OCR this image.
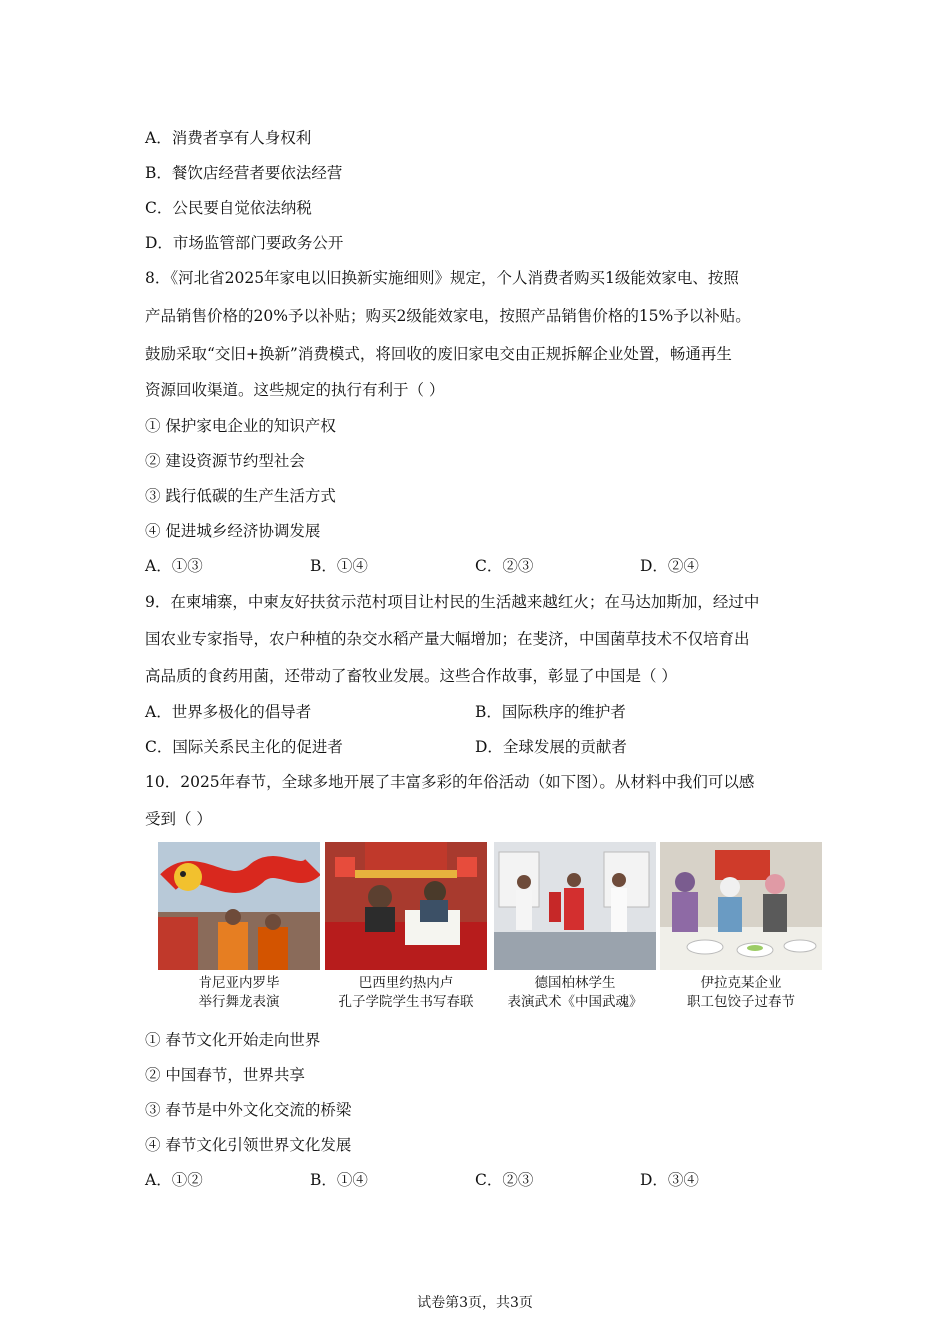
A．消费者享有人身权利
B．餐饮店经营者要依法经营
C．公民要自觉依法纳税
D．市场监管部门要政务公开
8．《河北省2025年家电以旧换新实施细则》规定，个人消费者购买1级能效家电、按照
产品销售价格的20%予以补贴；购买2级能效家电，按照产品销售价格的15%予以补贴。
鼓励采取“交旧+换新”消费模式，将回收的废旧家电交由正规拆解企业处置，畅通再生
资源回收渠道。这些规定的执行有利于（ ）
① 保护家电企业的知识产权
② 建设资源节约型社会
③ 践行低碳的生产生活方式
④ 促进城乡经济协调发展
A．①③	B．①④	C．②③	D．②④
9．在柬埔寨，中柬友好扶贫示范村项目让村民的生活越来越红火；在马达加斯加，经过中
国农业专家指导，农户种植的杂交水稻产量大幅增加；在斐济，中国菌草技术不仅培育出
高品质的食药用菌，还带动了畜牧业发展。这些合作故事，彰显了中国是（ ）
A．世界多极化的倡导者	B．国际秩序的维护者
C．国际关系民主化的促进者	D．全球发展的贡献者
10．2025年春节，全球多地开展了丰富多彩的年俗活动（如下图）。从材料中我们可以感
受到（ ）
肯尼亚内罗毕
举行舞龙表演
巴西里约热内卢
孔子学院学生书写春联
德国柏林学生
表演武术《中国武魂》
伊拉克某企业
职工包饺子过春节
① 春节文化开始走向世界
② 中国春节，世界共享
③ 春节是中外文化交流的桥梁
④ 春节文化引领世界文化发展
A．①②	B．①④	C．②③	D．③④
试卷第3页，共3页
